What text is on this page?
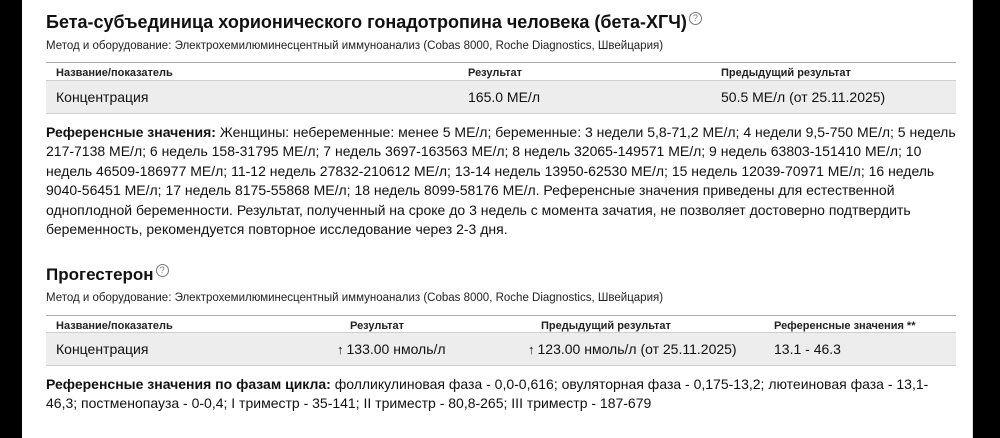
Бета-субъединица хорионического гонадотропина человека (бета-ХГЧ) ?
Метод и оборудование: Электрохемилюминесцентный иммуноанализ (Cobas 8000, Roche Diagnostics, Швейцария)
Название/показатель	Результат	Предыдущий результат
Концентрация	165.0 МЕ/л	50.5 МЕ/л (от 25.11.2025)
Референсные значения: Женщины: небеременные: менее 5 МЕ/л; беременные: 3 недели 5,8-71,2 МЕ/л; 4 недели 9,5-750 МЕ/л; 5 недель 217-7138 МЕ/л; 6 недель 158-31795 МЕ/л; 7 недель 3697-163563 МЕ/л; 8 недель 32065-149571 МЕ/л; 9 недель 63803-151410 МЕ/л; 10 недель 46509-186977 МЕ/л; 11-12 недель 27832-210612 МЕ/л; 13-14 недель 13950-62530 МЕ/л; 15 недель 12039-70971 МЕ/л; 16 недель 9040-56451 МЕ/л; 17 недель 8175-55868 МЕ/л; 18 недель 8099-58176 МЕ/л. Референсные значения приведены для естественной одноплодной беременности. Результат, полученный на сроке до 3 недель с момента зачатия, не позволяет достоверно подтвердить беременность, рекомендуется повторное исследование через 2-3 дня.
Прогестерон ?
Метод и оборудование: Электрохемилюминесцентный иммуноанализ (Cobas 8000, Roche Diagnostics, Швейцария)
Название/показатель	Результат	Предыдущий результат	Референсные значения **
Концентрация	↑ 133.00 нмоль/л	↑ 123.00 нмоль/л (от 25.11.2025)	13.1 - 46.3
Референсные значения по фазам цикла: фолликулиновая фаза - 0,0-0,616; овуляторная фаза - 0,175-13,2; лютеиновая фаза - 13,1-46,3; постменопауза - 0-0,4; I триместр - 35-141; II триместр - 80,8-265; III триместр - 187-679
